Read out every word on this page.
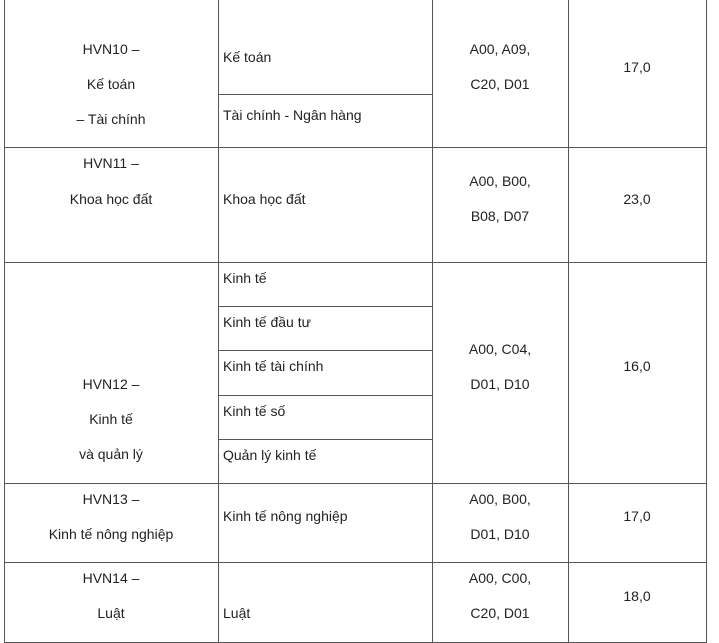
HVN10 –
Kế toán
– Tài chính
Kế toán
Tài chính - Ngân hàng
A00, A09,
C20, D01
17,0
HVN11 –
Khoa học đất	Khoa học đất
A00, B00,
B08, D07
23,0
HVN12 –
Kinh tế
và quản lý
Kinh tế
Kinh tế đầu tư
Kinh tế tài chính
Kinh tế số
Quản lý kinh tế
A00, C04,
D01, D10
16,0
HVN13 –
Kinh tế nông nghiệp
Kinh tế nông nghiệp
A00, B00,
D01, D10
17,0
HVN14 –
Luật	Luật
A00, C00,
C20, D01
18,0
